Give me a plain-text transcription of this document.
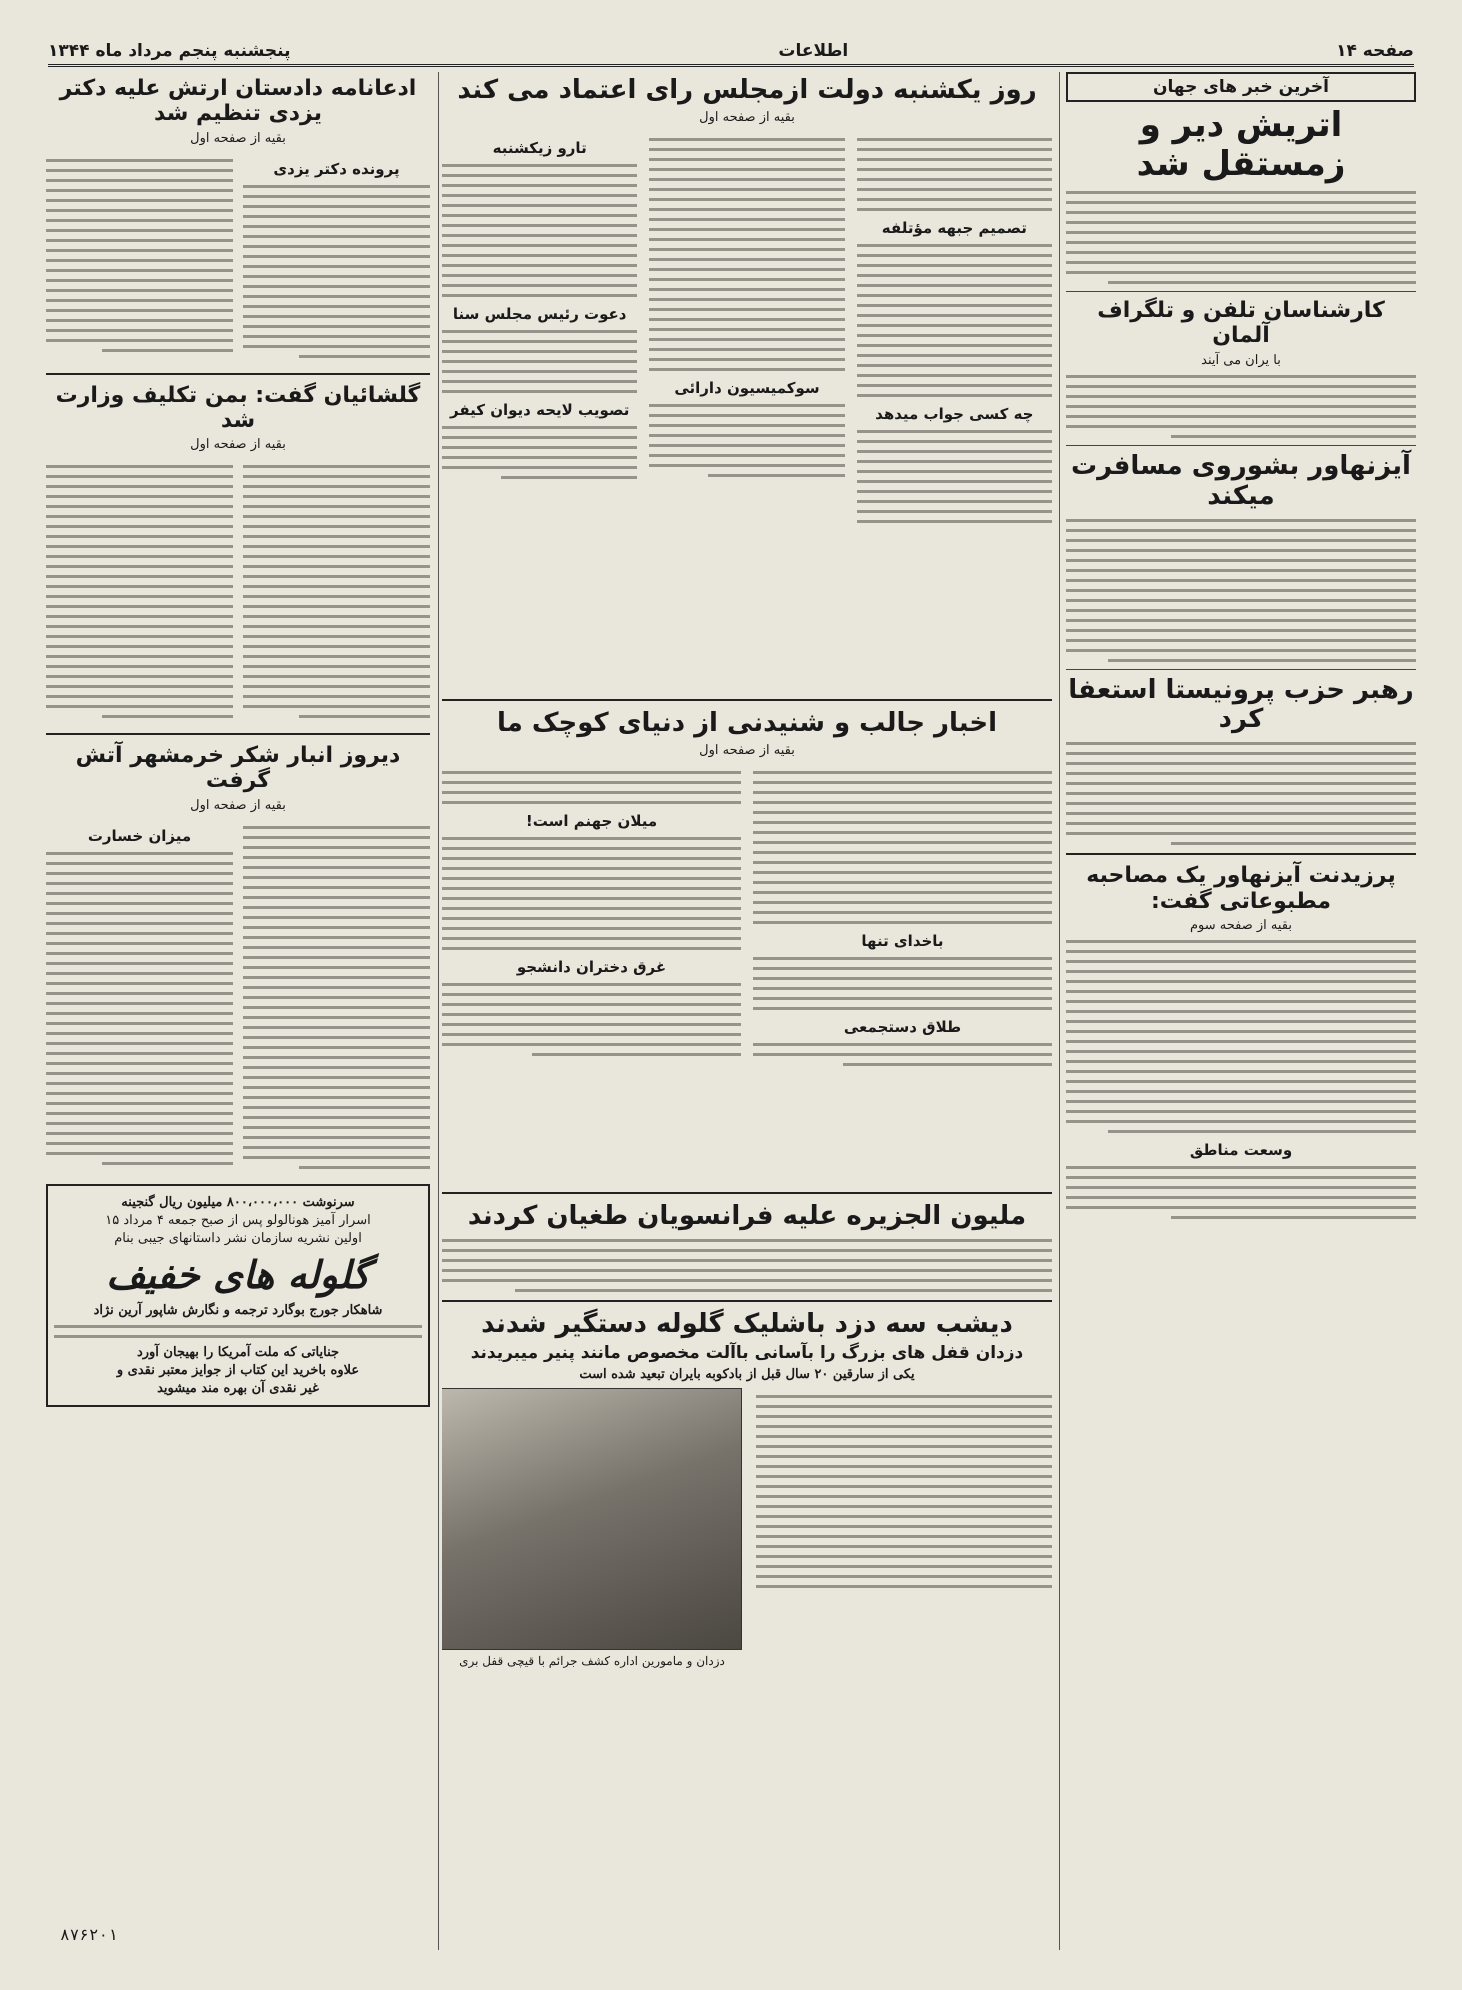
صفحه ۱۴
اطلاعات
پنجشنبه پنجم مرداد ماه ۱۳۴۴
آخرین خبر های جهان
اتریش دیر و زمستقل شد
کارشناسان تلفن و تلگراف آلمان
با یران می آیند
آیزنهاور بشوروی مسافرت میکند
رهبر حزب پرونیستا استعفا کرد
پرزیدنت آیزنهاور یک مصاحبه مطبوعاتی گفت:
بقیه از صفحه سوم
وسعت مناطق
روز یکشنبه دولت ازمجلس رای اعتماد می کند
بقیه از صفحه اول
تصمیم جبهه مؤتلفه
چه کسی جواب میدهد
سوکمیسیون دارائی
تارو زیکشنبه
دعوت رئیس مجلس سنا
تصویب لایحه دیوان کیفر
اخبار جالب و شنیدنی از دنیای کوچک ما
بقیه از صفحه اول
باخدای تنها
طلاق دستجمعی
میلان جهنم است!
غرق دختران دانشجو
ملیون الجزیره علیه فرانسویان طغیان کردند
دیشب سه دزد باشلیک گلوله دستگیر شدند
دزدان قفل های بزرگ را بآسانی باآلت مخصوص مانند پنیر میبریدند
یکی از سارقین ۲۰ سال قبل از بادکوبه بایران تبعید شده است
دزدان و مامورین اداره کشف جرائم با قیچی قفل بری
ادعانامه دادستان ارتش علیه دکتر یزدی تنظیم شد
بقیه از صفحه اول
پرونده دکتر یزدی
گلشائیان گفت: بمن تکلیف وزارت شد
بقیه از صفحه اول
دیروز انبار شکر خرمشهر آتش گرفت
بقیه از صفحه اول
میزان خسارت
سرنوشت ۸۰۰،۰۰۰،۰۰۰ میلیون ریال گنجینه
اسرار آمیز هونالولو پس از صبح جمعه ۴ مرداد ۱۵
اولین نشریه سازمان نشر داستانهای جیبی بنام
گلوله های خفیف
شاهکار جورج بوگارد ترجمه و نگارش شاپور آرین نژاد
جنایاتی که ملت آمریکا را بهیجان آورد
علاوه باخرید این کتاب از جوایز معتبر نقدی و
غیر نقدی آن بهره مند میشوید
۸۷۶۲۰۱
